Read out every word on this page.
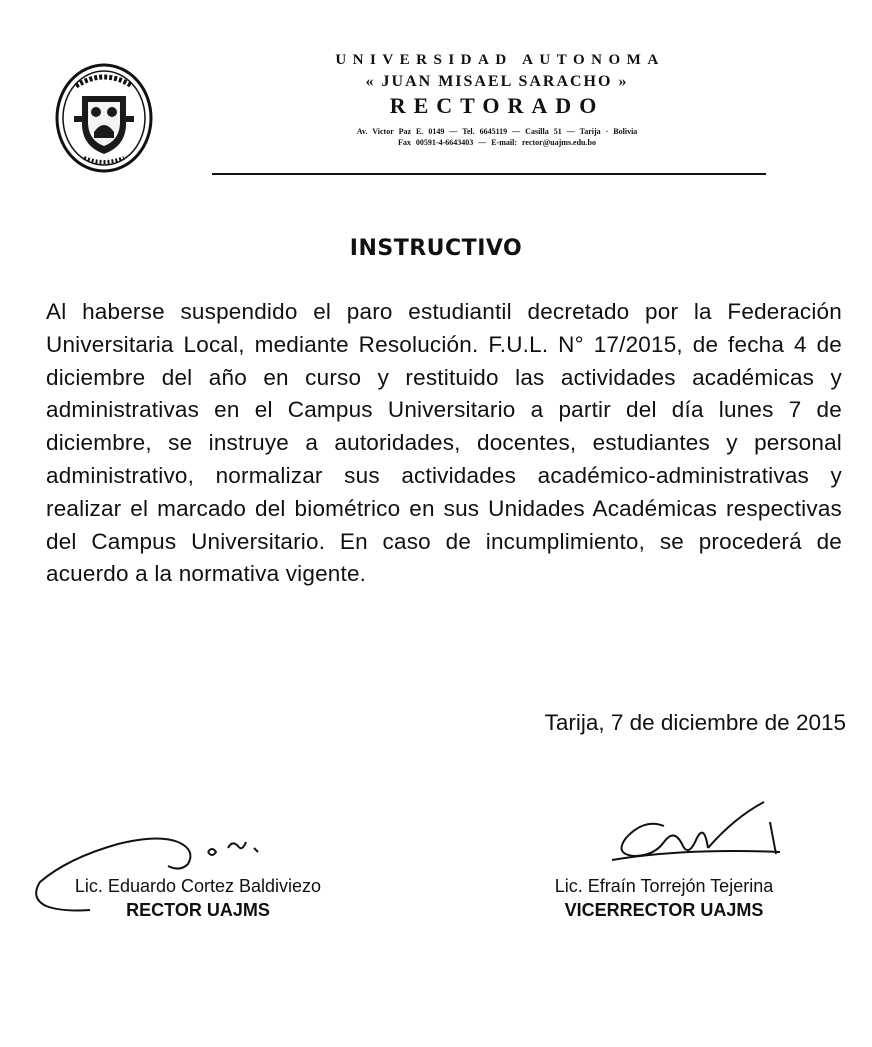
UNIVERSIDAD AUTONOMA
« JUAN MISAEL SARACHO »
RECTORADO
Av. Victor Paz E. 0149 — Tel. 6645119 — Casilla 51 — Tarija · Bolivia
Fax 00591-4-6643403 — E-mail: rector@uajms.edu.bo
INSTRUCTIVO
Al haberse suspendido el paro estudiantil decretado por la Federación Universitaria Local, mediante Resolución. F.U.L. N° 17/2015, de fecha 4 de diciembre del año en curso y restituido las actividades académicas y administrativas en el Campus Universitario a partir del día lunes 7 de diciembre, se instruye a autoridades, docentes, estudiantes y personal administrativo, normalizar sus actividades académico-administrativas y realizar el marcado del biométrico en sus Unidades Académicas respectivas del Campus Universitario. En caso de incumplimiento, se procederá de acuerdo a la normativa vigente.
Tarija, 7 de diciembre de 2015
Lic. Eduardo Cortez Baldiviezo
RECTOR UAJMS
Lic. Efraín Torrejón Tejerina
VICERRECTOR UAJMS
